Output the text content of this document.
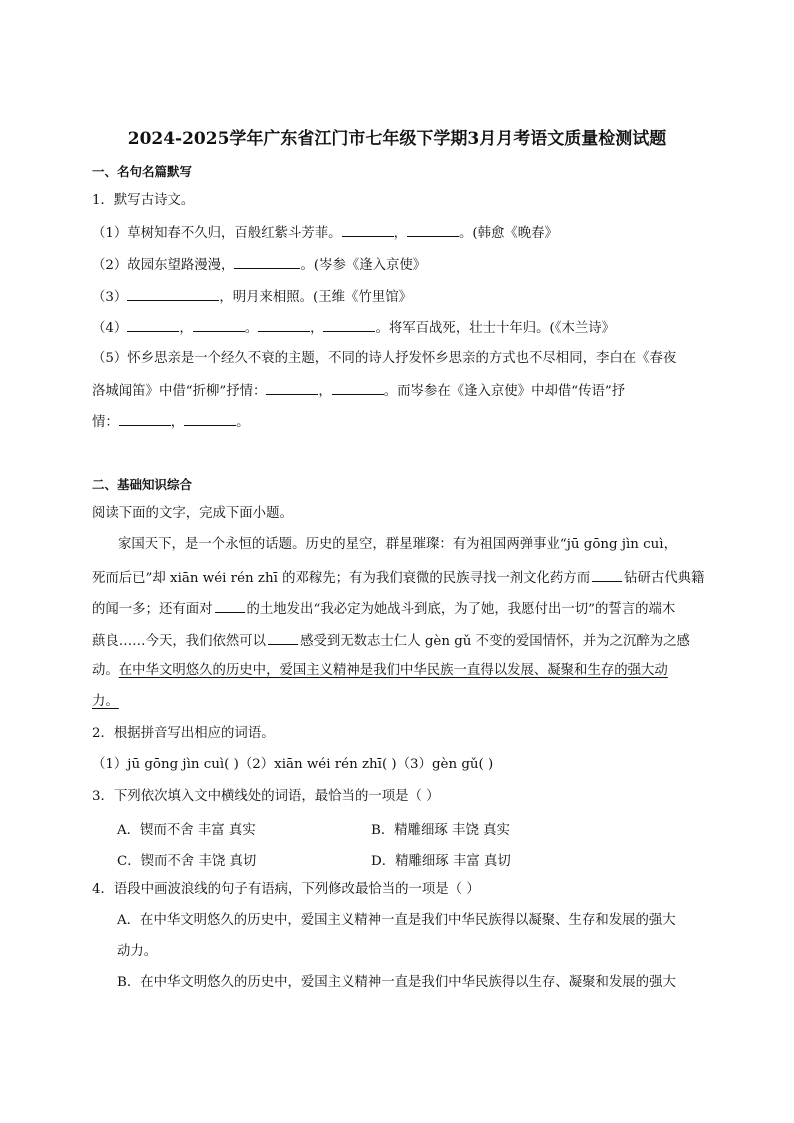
2024-2025学年广东省江门市七年级下学期3月月考语文质量检测试题
一、名句名篇默写
1．默写古诗文。
（1）草树知春不久归，百般红紫斗芳菲。	，	。(韩愈《晚春》
（2）故园东望路漫漫，	。(岑参《逢入京使》
（3）	，明月来相照。(王维《竹里馆》
（4）	，	。	，	。将军百战死，壮士十年归。(《木兰诗》
（5）怀乡思亲是一个经久不衰的主题，不同的诗人抒发怀乡思亲的方式也不尽相同，李白在《春夜
洛城闻笛》中借“折柳”抒情：	，	。而岑参在《逢入京使》中却借“传语”抒
情：	，	。
二、基础知识综合
阅读下面的文字，完成下面小题。
家国天下，是一个永恒的话题。历史的星空，群星璀璨：有为祖国两弹事业“jū gōng jìn cuì，
死而后已”却 xiān wéi rén zhī 的邓稼先；有为我们衰微的民族寻找一剂文化药方而	钻研古代典籍
的闻一多；还有面对	的土地发出“我必定为她战斗到底，为了她，我愿付出一切”的誓言的端木
蕻良……今天，我们依然可以	感受到无数志士仁人 gèn gǔ 不变的爱国情怀，并为之沉醉为之感
动。在中华文明悠久的历史中，爱国主义精神是我们中华民族一直得以发展、凝聚和生存的强大动
力。
2．根据拼音写出相应的词语。
（1）jū gōng jìn cuì( )（2）xiān wéi rén zhī( )（3）gèn gǔ( )
3．下列依次填入文中横线处的词语，最恰当的一项是（ ）
A．锲而不舍 丰富 真实	B．精雕细琢 丰饶 真实
C．锲而不舍 丰饶 真切	D．精雕细琢 丰富 真切
4．语段中画波浪线的句子有语病，下列修改最恰当的一项是（ ）
A．在中华文明悠久的历史中，爱国主义精神一直是我们中华民族得以凝聚、生存和发展的强大
动力。
B．在中华文明悠久的历史中，爱国主义精神一直是我们中华民族得以生存、凝聚和发展的强大
